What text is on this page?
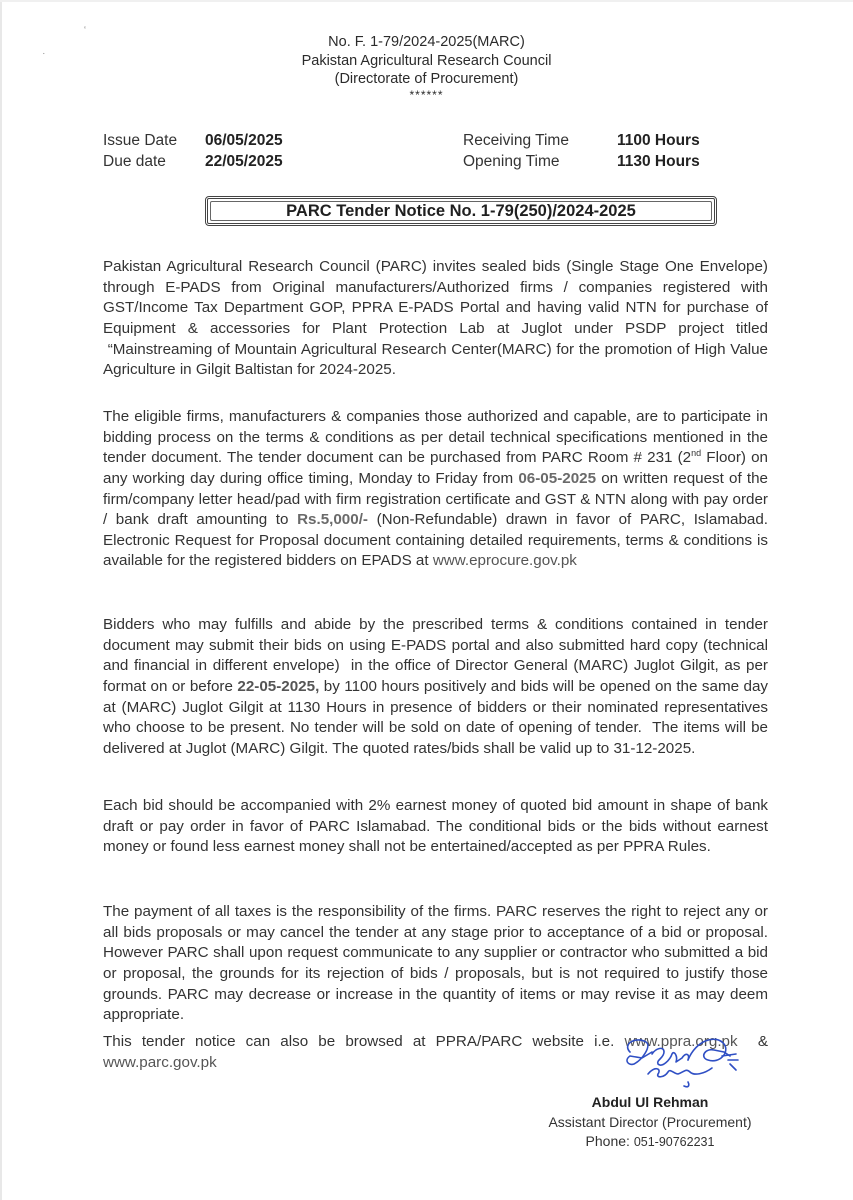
‛
·
No. F. 1-79/2024-2025(MARC)
Pakistan Agricultural Research Council
(Directorate of Procurement)
******
Issue Date	06/05/2025
Due date	22/05/2025
Receiving Time	1100 Hours
Opening Time	1130 Hours
PARC Tender Notice No. 1-79(250)/2024-2025

Pakistan Agricultural Research Council (PARC) invites sealed bids (Single Stage One Envelope) through E-PADS from Original manufacturers/Authorized firms / companies registered with GST/Income Tax Department GOP, PPRA E-PADS Portal and having valid NTN for purchase of Equipment & accessories for Plant Protection Lab at Juglot under PSDP project titled  “Mainstreaming of Mountain Agricultural Research Center(MARC) for the promotion of High Value Agriculture in Gilgit Baltistan for 2024-2025.

The eligible firms, manufacturers & companies those authorized and capable, are to participate in bidding process on the terms & conditions as per detail technical specifications mentioned in the tender document. The tender document can be purchased from PARC Room # 231 (2nd Floor) on any working day during office timing, Monday to Friday from 06-05-2025 on written request of the firm/company letter head/pad with firm registration certificate and GST & NTN along with pay order / bank draft amounting to Rs.5,000/- (Non-Refundable) drawn in favor of PARC, Islamabad. Electronic Request for Proposal document containing detailed requirements, terms & conditions is available for the registered bidders on EPADS at www.eprocure.gov.pk

Bidders who may fulfills and abide by the prescribed terms & conditions contained in tender document may submit their bids on using E-PADS portal and also submitted hard copy (technical and financial in different envelope)  in the office of Director General (MARC) Juglot Gilgit, as per format on or before 22-05-2025, by 1100 hours positively and bids will be opened on the same day at (MARC) Juglot Gilgit at 1130 Hours in presence of bidders or their nominated representatives who choose to be present. No tender will be sold on date of opening of tender.  The items will be delivered at Juglot (MARC) Gilgit. The quoted rates/bids shall be valid up to 31-12-2025.

Each bid should be accompanied with 2% earnest money of quoted bid amount in shape of bank draft or pay order in favor of PARC Islamabad. The conditional bids or the bids without earnest money or found less earnest money shall not be entertained/accepted as per PPRA Rules.

The payment of all taxes is the responsibility of the firms. PARC reserves the right to reject any or all bids proposals or may cancel the tender at any stage prior to acceptance of a bid or proposal. However PARC shall upon request communicate to any supplier or contractor who submitted a bid or proposal, the grounds for its rejection of bids / proposals, but is not required to justify those grounds. PARC may decrease or increase in the quantity of items or may revise it as may deem appropriate.

This tender notice can also be browsed at PPRA/PARC website i.e. www.ppra.org.pk  & www.parc.gov.pk

Abdul Ul Rehman
Assistant Director (Procurement)
Phone: 051-90762231
